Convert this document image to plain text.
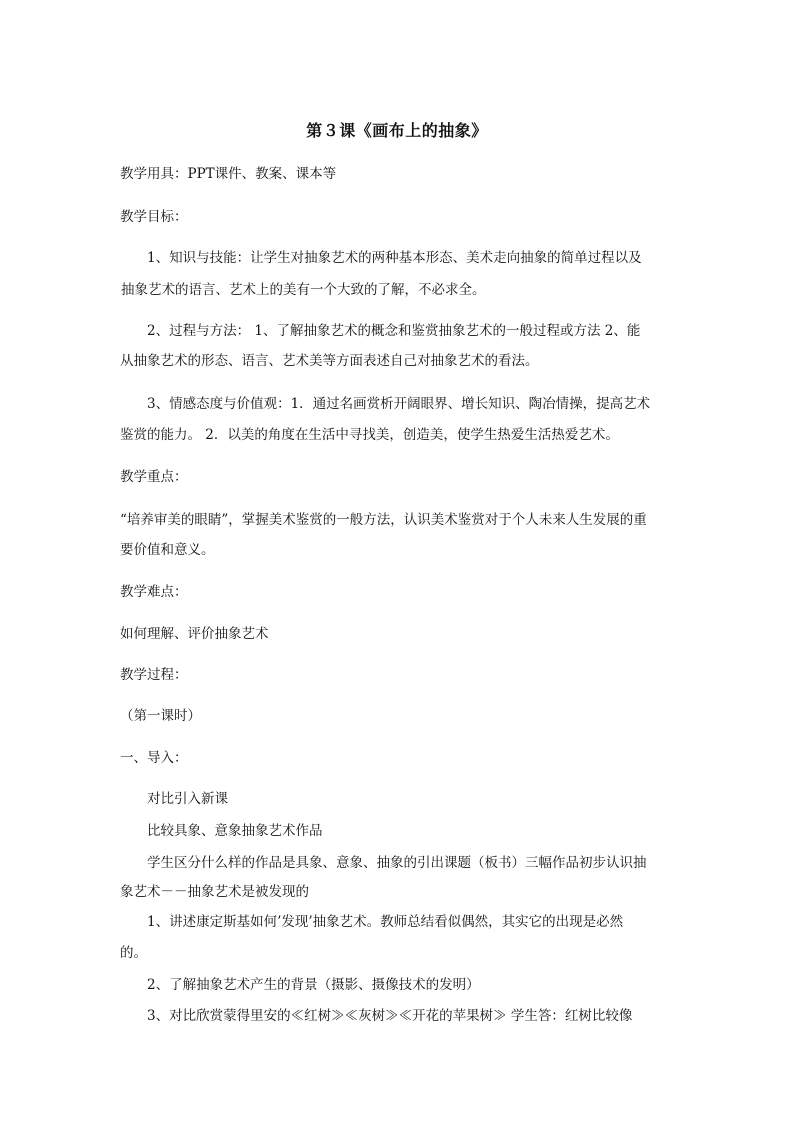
第３课《画布上的抽象》
教学用具：PPT课件、教案、课本等
教学目标：
1、知识与技能：让学生对抽象艺术的两种基本形态、美术走向抽象的简单过程以及
抽象艺术的语言、艺术上的美有一个大致的了解，不必求全。
2、过程与方法： 1、了解抽象艺术的概念和鉴赏抽象艺术的一般过程或方法 2、能
从抽象艺术的形态、语言、艺术美等方面表述自己对抽象艺术的看法。
3、情感态度与价值观：1．通过名画赏析开阔眼界、增长知识、陶冶情操，提高艺术
鉴赏的能力。 2．以美的角度在生活中寻找美，创造美，使学生热爱生活热爱艺术。
教学重点：
“培养审美的眼睛”，掌握美术鉴赏的一般方法，认识美术鉴赏对于个人未来人生发展的重
要价值和意义。
教学难点：
如何理解、评价抽象艺术
教学过程：
（第一课时）
一、导入：
对比引入新课
比较具象、意象抽象艺术作品
学生区分什么样的作品是具象、意象、抽象的引出课题（板书）三幅作品初步认识抽
象艺术－－抽象艺术是被发现的
1、讲述康定斯基如何’发现’抽象艺术。教师总结看似偶然，其实它的出现是必然
的。
2、了解抽象艺术产生的背景（摄影、摄像技术的发明）
3、对比欣赏蒙得里安的≪红树≫≪灰树≫≪开花的苹果树≫ 学生答：红树比较像
